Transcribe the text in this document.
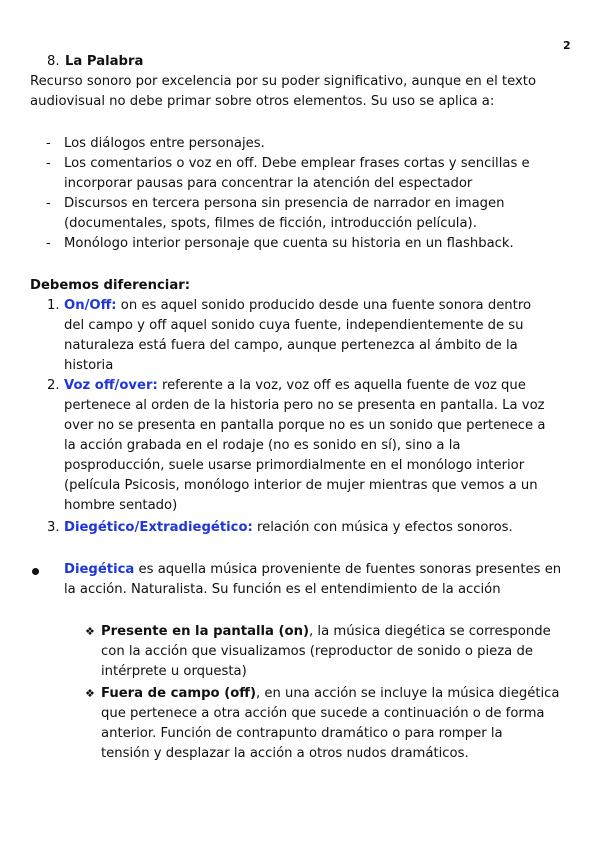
2
8. La Palabra
Recurso sonoro por excelencia por su poder significativo, aunque en el texto
audiovisual no debe primar sobre otros elementos. Su uso se aplica a:
- Los diálogos entre personajes.
- Los comentarios o voz en off. Debe emplear frases cortas y sencillas e
incorporar pausas para concentrar la atención del espectador
- Discursos en tercera persona sin presencia de narrador en imagen
(documentales, spots, filmes de ficción, introducción película).
- Monólogo interior personaje que cuenta su historia en un flashback.
Debemos diferenciar:
1. On/Off: on es aquel sonido producido desde una fuente sonora dentro
del campo y off aquel sonido cuya fuente, independientemente de su
naturaleza está fuera del campo, aunque pertenezca al ámbito de la
historia
2. Voz off/over: referente a la voz, voz off es aquella fuente de voz que
pertenece al orden de la historia pero no se presenta en pantalla. La voz
over no se presenta en pantalla porque no es un sonido que pertenece a
la acción grabada en el rodaje (no es sonido en sí), sino a la
posproducción, suele usarse primordialmente en el monólogo interior
(película Psicosis, monólogo interior de mujer mientras que vemos a un
hombre sentado)
3. Diegético/Extradiegético: relación con música y efectos sonoros.
Diegética es aquella música proveniente de fuentes sonoras presentes en
la acción. Naturalista. Su función es el entendimiento de la acción
❖ Presente en la pantalla (on), la música diegética se corresponde
con la acción que visualizamos (reproductor de sonido o pieza de
intérprete u orquesta)
❖ Fuera de campo (off), en una acción se incluye la música diegética
que pertenece a otra acción que sucede a continuación o de forma
anterior. Función de contrapunto dramático o para romper la
tensión y desplazar la acción a otros nudos dramáticos.
